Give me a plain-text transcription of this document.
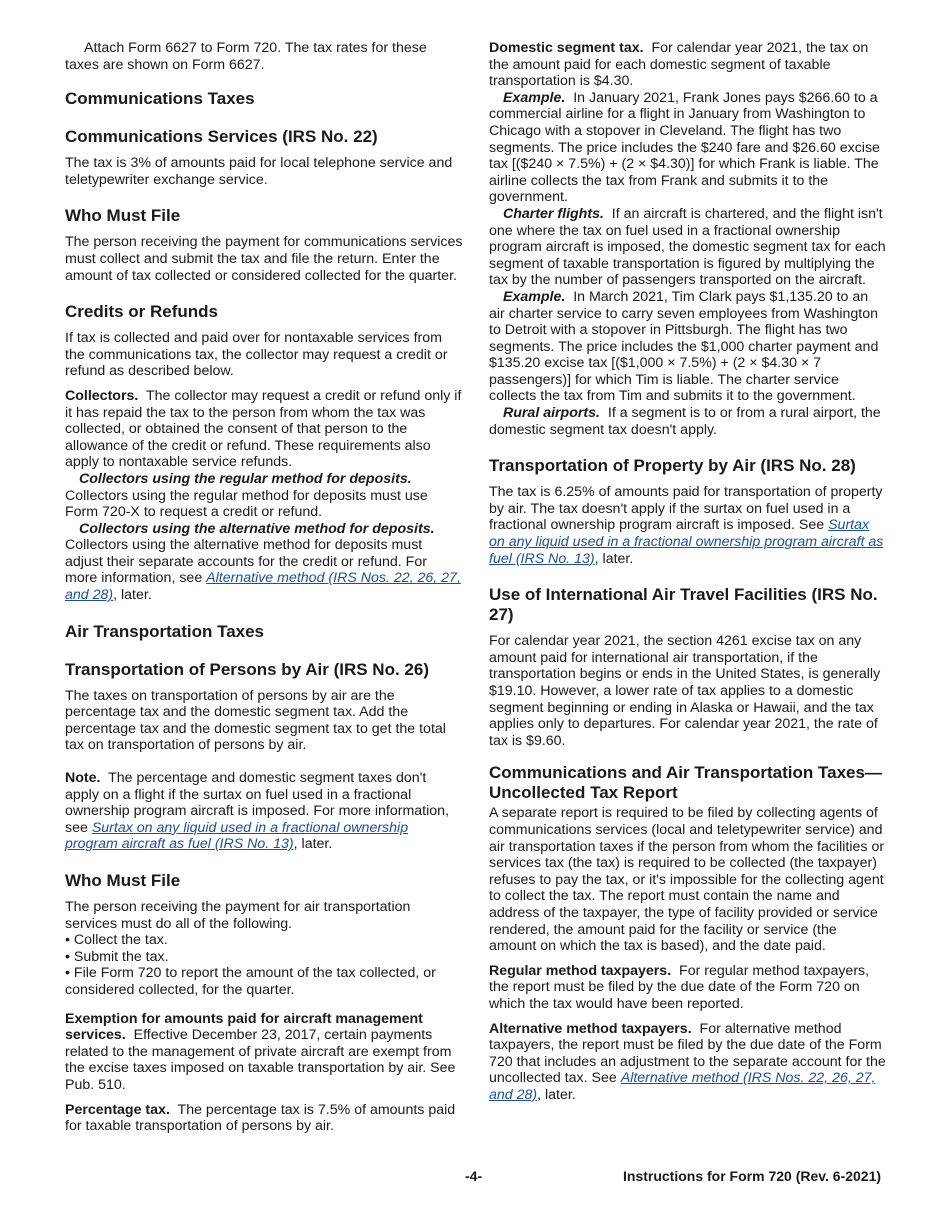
Attach Form 6627 to Form 720. The tax rates for these taxes are shown on Form 6627.

Communications Taxes
Communications Services (IRS No. 22)

The tax is 3% of amounts paid for local telephone service and teletypewriter exchange service.

Who Must File

The person receiving the payment for communications services must collect and submit the tax and file the return. Enter the amount of tax collected or considered collected for the quarter.

Credits or Refunds

If tax is collected and paid over for nontaxable services from the communications tax, the collector may request a credit or refund as described below.

Collectors. The collector may request a credit or refund only if it has repaid the tax to the person from whom the tax was collected, or obtained the consent of that person to the allowance of the credit or refund. These requirements also apply to nontaxable service refunds.

Collectors using the regular method for deposits. Collectors using the regular method for deposits must use Form 720-X to request a credit or refund.

Collectors using the alternative method for deposits. Collectors using the alternative method for deposits must adjust their separate accounts for the credit or refund. For more information, see Alternative method (IRS Nos. 22, 26, 27, and 28), later.

Air Transportation Taxes
Transportation of Persons by Air (IRS No. 26)

The taxes on transportation of persons by air are the percentage tax and the domestic segment tax. Add the percentage tax and the domestic segment tax to get the total tax on transportation of persons by air.

Note. The percentage and domestic segment taxes don't apply on a flight if the surtax on fuel used in a fractional ownership program aircraft is imposed. For more information, see Surtax on any liquid used in a fractional ownership program aircraft as fuel (IRS No. 13), later.

Who Must File

The person receiving the payment for air transportation services must do all of the following.

• Collect the tax.
• Submit the tax.
• File Form 720 to report the amount of the tax collected, or considered collected, for the quarter.

Exemption for amounts paid for aircraft management services. Effective December 23, 2017, certain payments related to the management of private aircraft are exempt from the excise taxes imposed on taxable transportation by air. See Pub. 510.

Percentage tax. The percentage tax is 7.5% of amounts paid for taxable transportation of persons by air.

Domestic segment tax. For calendar year 2021, the tax on the amount paid for each domestic segment of taxable transportation is $4.30.

Example. In January 2021, Frank Jones pays $266.60 to a commercial airline for a flight in January from Washington to Chicago with a stopover in Cleveland. The flight has two segments. The price includes the $240 fare and $26.60 excise tax [($240 × 7.5%) + (2 × $4.30)] for which Frank is liable. The airline collects the tax from Frank and submits it to the government.

Charter flights. If an aircraft is chartered, and the flight isn't one where the tax on fuel used in a fractional ownership program aircraft is imposed, the domestic segment tax for each segment of taxable transportation is figured by multiplying the tax by the number of passengers transported on the aircraft.

Example. In March 2021, Tim Clark pays $1,135.20 to an air charter service to carry seven employees from Washington to Detroit with a stopover in Pittsburgh. The flight has two segments. The price includes the $1,000 charter payment and $135.20 excise tax [($1,000 × 7.5%) + (2 × $4.30 × 7 passengers)] for which Tim is liable. The charter service collects the tax from Tim and submits it to the government.

Rural airports. If a segment is to or from a rural airport, the domestic segment tax doesn't apply.

Transportation of Property by Air (IRS No. 28)

The tax is 6.25% of amounts paid for transportation of property by air. The tax doesn't apply if the surtax on fuel used in a fractional ownership program aircraft is imposed. See Surtax on any liquid used in a fractional ownership program aircraft as fuel (IRS No. 13), later.

Use of International Air Travel Facilities (IRS No. 27)

For calendar year 2021, the section 4261 excise tax on any amount paid for international air transportation, if the transportation begins or ends in the United States, is generally $19.10. However, a lower rate of tax applies to a domestic segment beginning or ending in Alaska or Hawaii, and the tax applies only to departures. For calendar year 2021, the rate of tax is $9.60.

Communications and Air Transportation Taxes—Uncollected Tax Report

A separate report is required to be filed by collecting agents of communications services (local and teletypewriter service) and air transportation taxes if the person from whom the facilities or services tax (the tax) is required to be collected (the taxpayer) refuses to pay the tax, or it's impossible for the collecting agent to collect the tax. The report must contain the name and address of the taxpayer, the type of facility provided or service rendered, the amount paid for the facility or service (the amount on which the tax is based), and the date paid.

Regular method taxpayers. For regular method taxpayers, the report must be filed by the due date of the Form 720 on which the tax would have been reported.

Alternative method taxpayers. For alternative method taxpayers, the report must be filed by the due date of the Form 720 that includes an adjustment to the separate account for the uncollected tax. See Alternative method (IRS Nos. 22, 26, 27, and 28), later.

-4-	Instructions for Form 720 (Rev. 6-2021)
